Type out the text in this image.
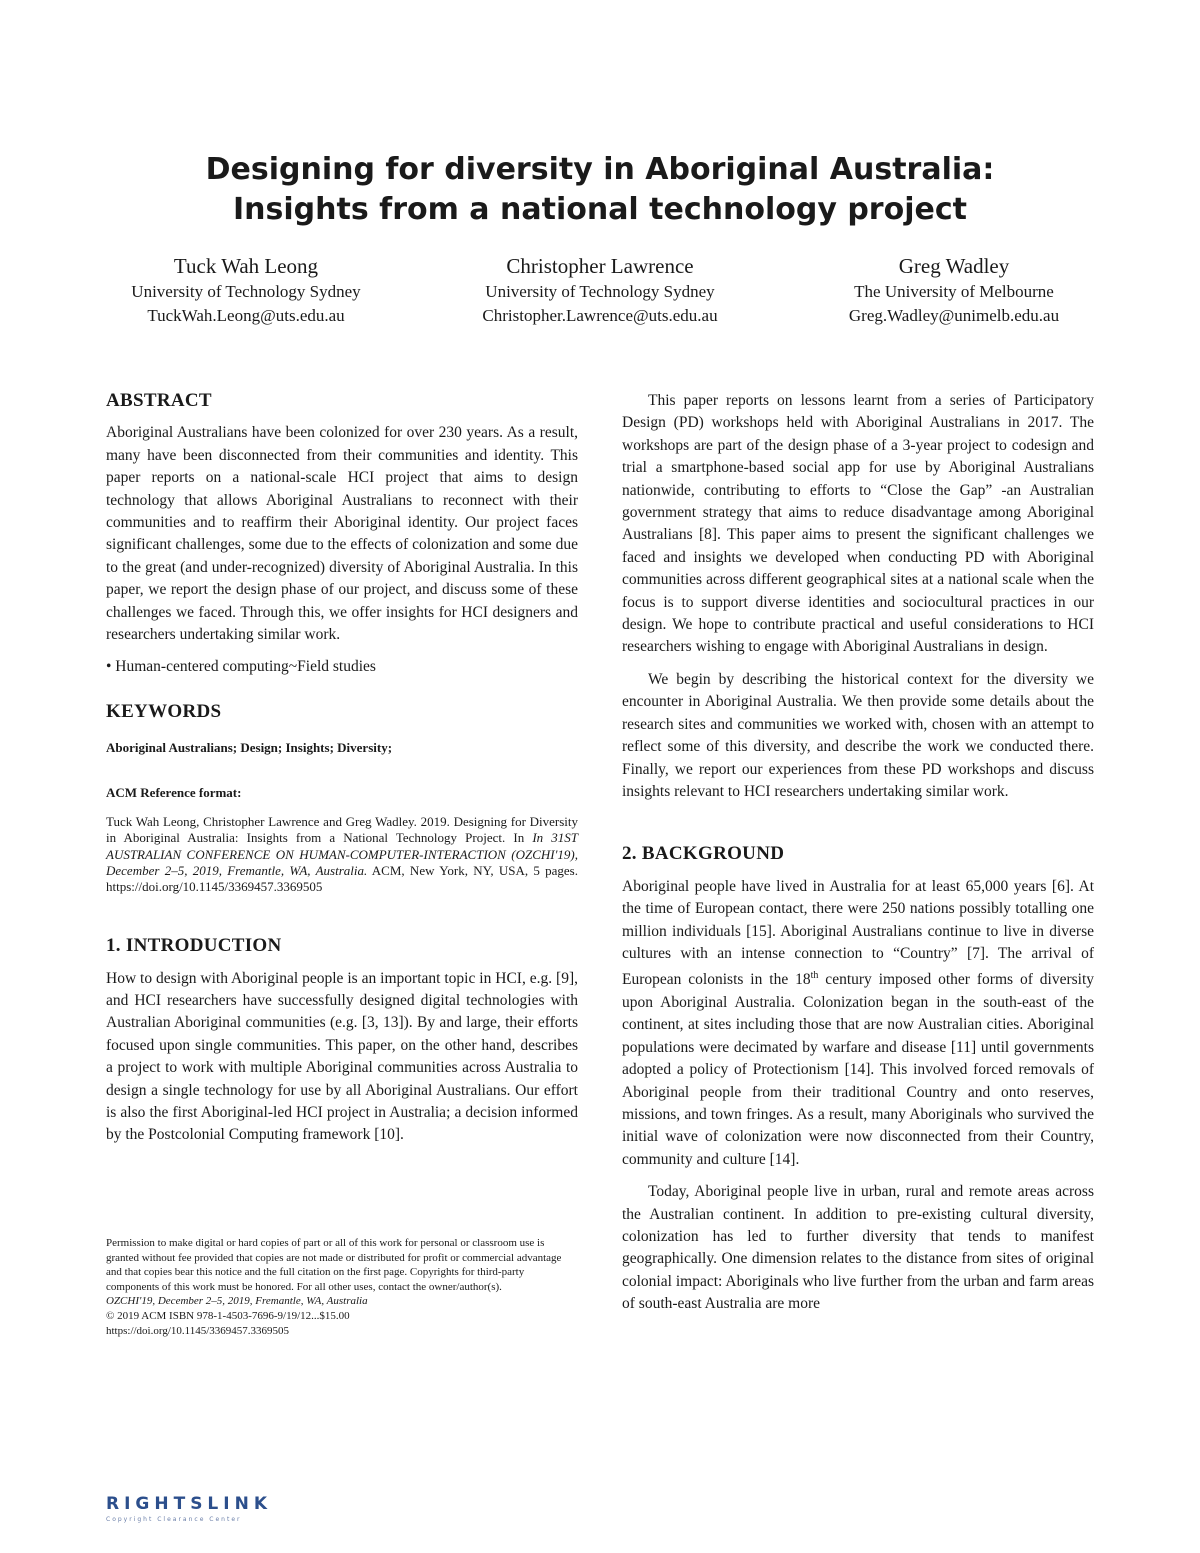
Designing for diversity in Aboriginal Australia:
Insights from a national technology project
Tuck Wah Leong
University of Technology Sydney
TuckWah.Leong@uts.edu.au
Christopher Lawrence
University of Technology Sydney
Christopher.Lawrence@uts.edu.au
Greg Wadley
The University of Melbourne
Greg.Wadley@unimelb.edu.au
ABSTRACT

Aboriginal Australians have been colonized for over 230 years. As a result, many have been disconnected from their communities and identity. This paper reports on a national-scale HCI project that aims to design technology that allows Aboriginal Australians to reconnect with their communities and to reaffirm their Aboriginal identity. Our project faces significant challenges, some due to the effects of colonization and some due to the great (and under-recognized) diversity of Aboriginal Australia. In this paper, we report the design phase of our project, and discuss some of these challenges we faced. Through this, we offer insights for HCI designers and researchers undertaking similar work.

• Human-centered computing~Field studies

KEYWORDS
Aboriginal Australians; Design; Insights; Diversity;
ACM Reference format:
Tuck Wah Leong, Christopher Lawrence and Greg Wadley. 2019. Designing for Diversity in Aboriginal Australia: Insights from a National Technology Project. In In 31ST AUSTRALIAN CONFERENCE ON HUMAN-COMPUTER-INTERACTION (OZCHI'19), December 2–5, 2019, Fremantle, WA, Australia. ACM, New York, NY, USA, 5 pages. https://doi.org/10.1145/3369457.3369505
1. INTRODUCTION

How to design with Aboriginal people is an important topic in HCI, e.g. [9], and HCI researchers have successfully designed digital technologies with Australian Aboriginal communities (e.g. [3, 13]). By and large, their efforts focused upon single communities. This paper, on the other hand, describes a project to work with multiple Aboriginal communities across Australia to design a single technology for use by all Aboriginal Australians. Our effort is also the first Aboriginal-led HCI project in Australia; a decision informed by the Postcolonial Computing framework [10].

Permission to make digital or hard copies of part or all of this work for personal or classroom use is granted without fee provided that copies are not made or distributed for profit or commercial advantage and that copies bear this notice and the full citation on the first page. Copyrights for third-party components of this work must be honored. For all other uses, contact the owner/author(s).

OZCHI'19, December 2–5, 2019, Fremantle, WA, Australia
© 2019 ACM ISBN 978-1-4503-7696-9/19/12...$15.00
https://doi.org/10.1145/3369457.3369505

This paper reports on lessons learnt from a series of Participatory Design (PD) workshops held with Aboriginal Australians in 2017. The workshops are part of the design phase of a 3-year project to codesign and trial a smartphone-based social app for use by Aboriginal Australians nationwide, contributing to efforts to “Close the Gap” -an Australian government strategy that aims to reduce disadvantage among Aboriginal Australians [8]. This paper aims to present the significant challenges we faced and insights we developed when conducting PD with Aboriginal communities across different geographical sites at a national scale when the focus is to support diverse identities and sociocultural practices in our design. We hope to contribute practical and useful considerations to HCI researchers wishing to engage with Aboriginal Australians in design.

We begin by describing the historical context for the diversity we encounter in Aboriginal Australia. We then provide some details about the research sites and communities we worked with, chosen with an attempt to reflect some of this diversity, and describe the work we conducted there. Finally, we report our experiences from these PD workshops and discuss insights relevant to HCI researchers undertaking similar work.

2. BACKGROUND

Aboriginal people have lived in Australia for at least 65,000 years [6]. At the time of European contact, there were 250 nations possibly totalling one million individuals [15]. Aboriginal Australians continue to live in diverse cultures with an intense connection to “Country” [7]. The arrival of European colonists in the 18th century imposed other forms of diversity upon Aboriginal Australia. Colonization began in the south-east of the continent, at sites including those that are now Australian cities. Aboriginal populations were decimated by warfare and disease [11] until governments adopted a policy of Protectionism [14]. This involved forced removals of Aboriginal people from their traditional Country and onto reserves, missions, and town fringes. As a result, many Aboriginals who survived the initial wave of colonization were now disconnected from their Country, community and culture [14].

Today, Aboriginal people live in urban, rural and remote areas across the Australian continent. In addition to pre-existing cultural diversity, colonization has led to further diversity that tends to manifest geographically. One dimension relates to the distance from sites of original colonial impact: Aboriginals who live further from the urban and farm areas of south-east Australia are more

RIGHTSLINK
Copyright Clearance Center
